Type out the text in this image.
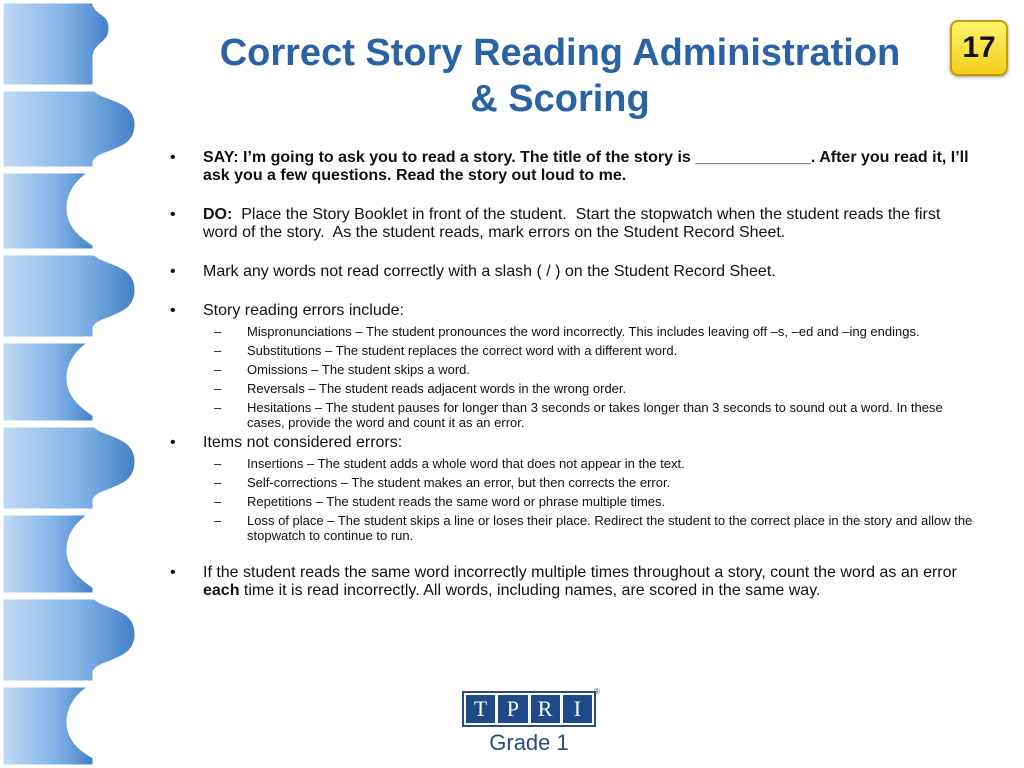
Correct Story Reading Administration
& Scoring
17
• SAY: I’m going to ask you to read a story. The title of the story is _____________. After you read it, I’ll ask you a few questions. Read the story out loud to me.
• DO:  Place the Story Booklet in front of the student.  Start the stopwatch when the student reads the first word of the story.  As the student reads, mark errors on the Student Record Sheet.
• Mark any words not read correctly with a slash ( / ) on the Student Record Sheet.
• Story reading errors include:
– Mispronunciations – The student pronounces the word incorrectly. This includes leaving off –s, –ed and –ing endings.
– Substitutions – The student replaces the correct word with a different word.
– Omissions – The student skips a word.
– Reversals – The student reads adjacent words in the wrong order.
– Hesitations – The student pauses for longer than 3 seconds or takes longer than 3 seconds to sound out a word. In these cases, provide the word and count it as an error.
• Items not considered errors:
– Insertions – The student adds a whole word that does not appear in the text.
– Self-corrections – The student makes an error, but then corrects the error.
– Repetitions – The student reads the same word or phrase multiple times.
– Loss of place – The student skips a line or loses their place. Redirect the student to the correct place in the story and allow the stopwatch to continue to run.
• If the student reads the same word incorrectly multiple times throughout a story, count the word as an error each time it is read incorrectly. All words, including names, are scored in the same way.
T P R I
®
Grade 1
